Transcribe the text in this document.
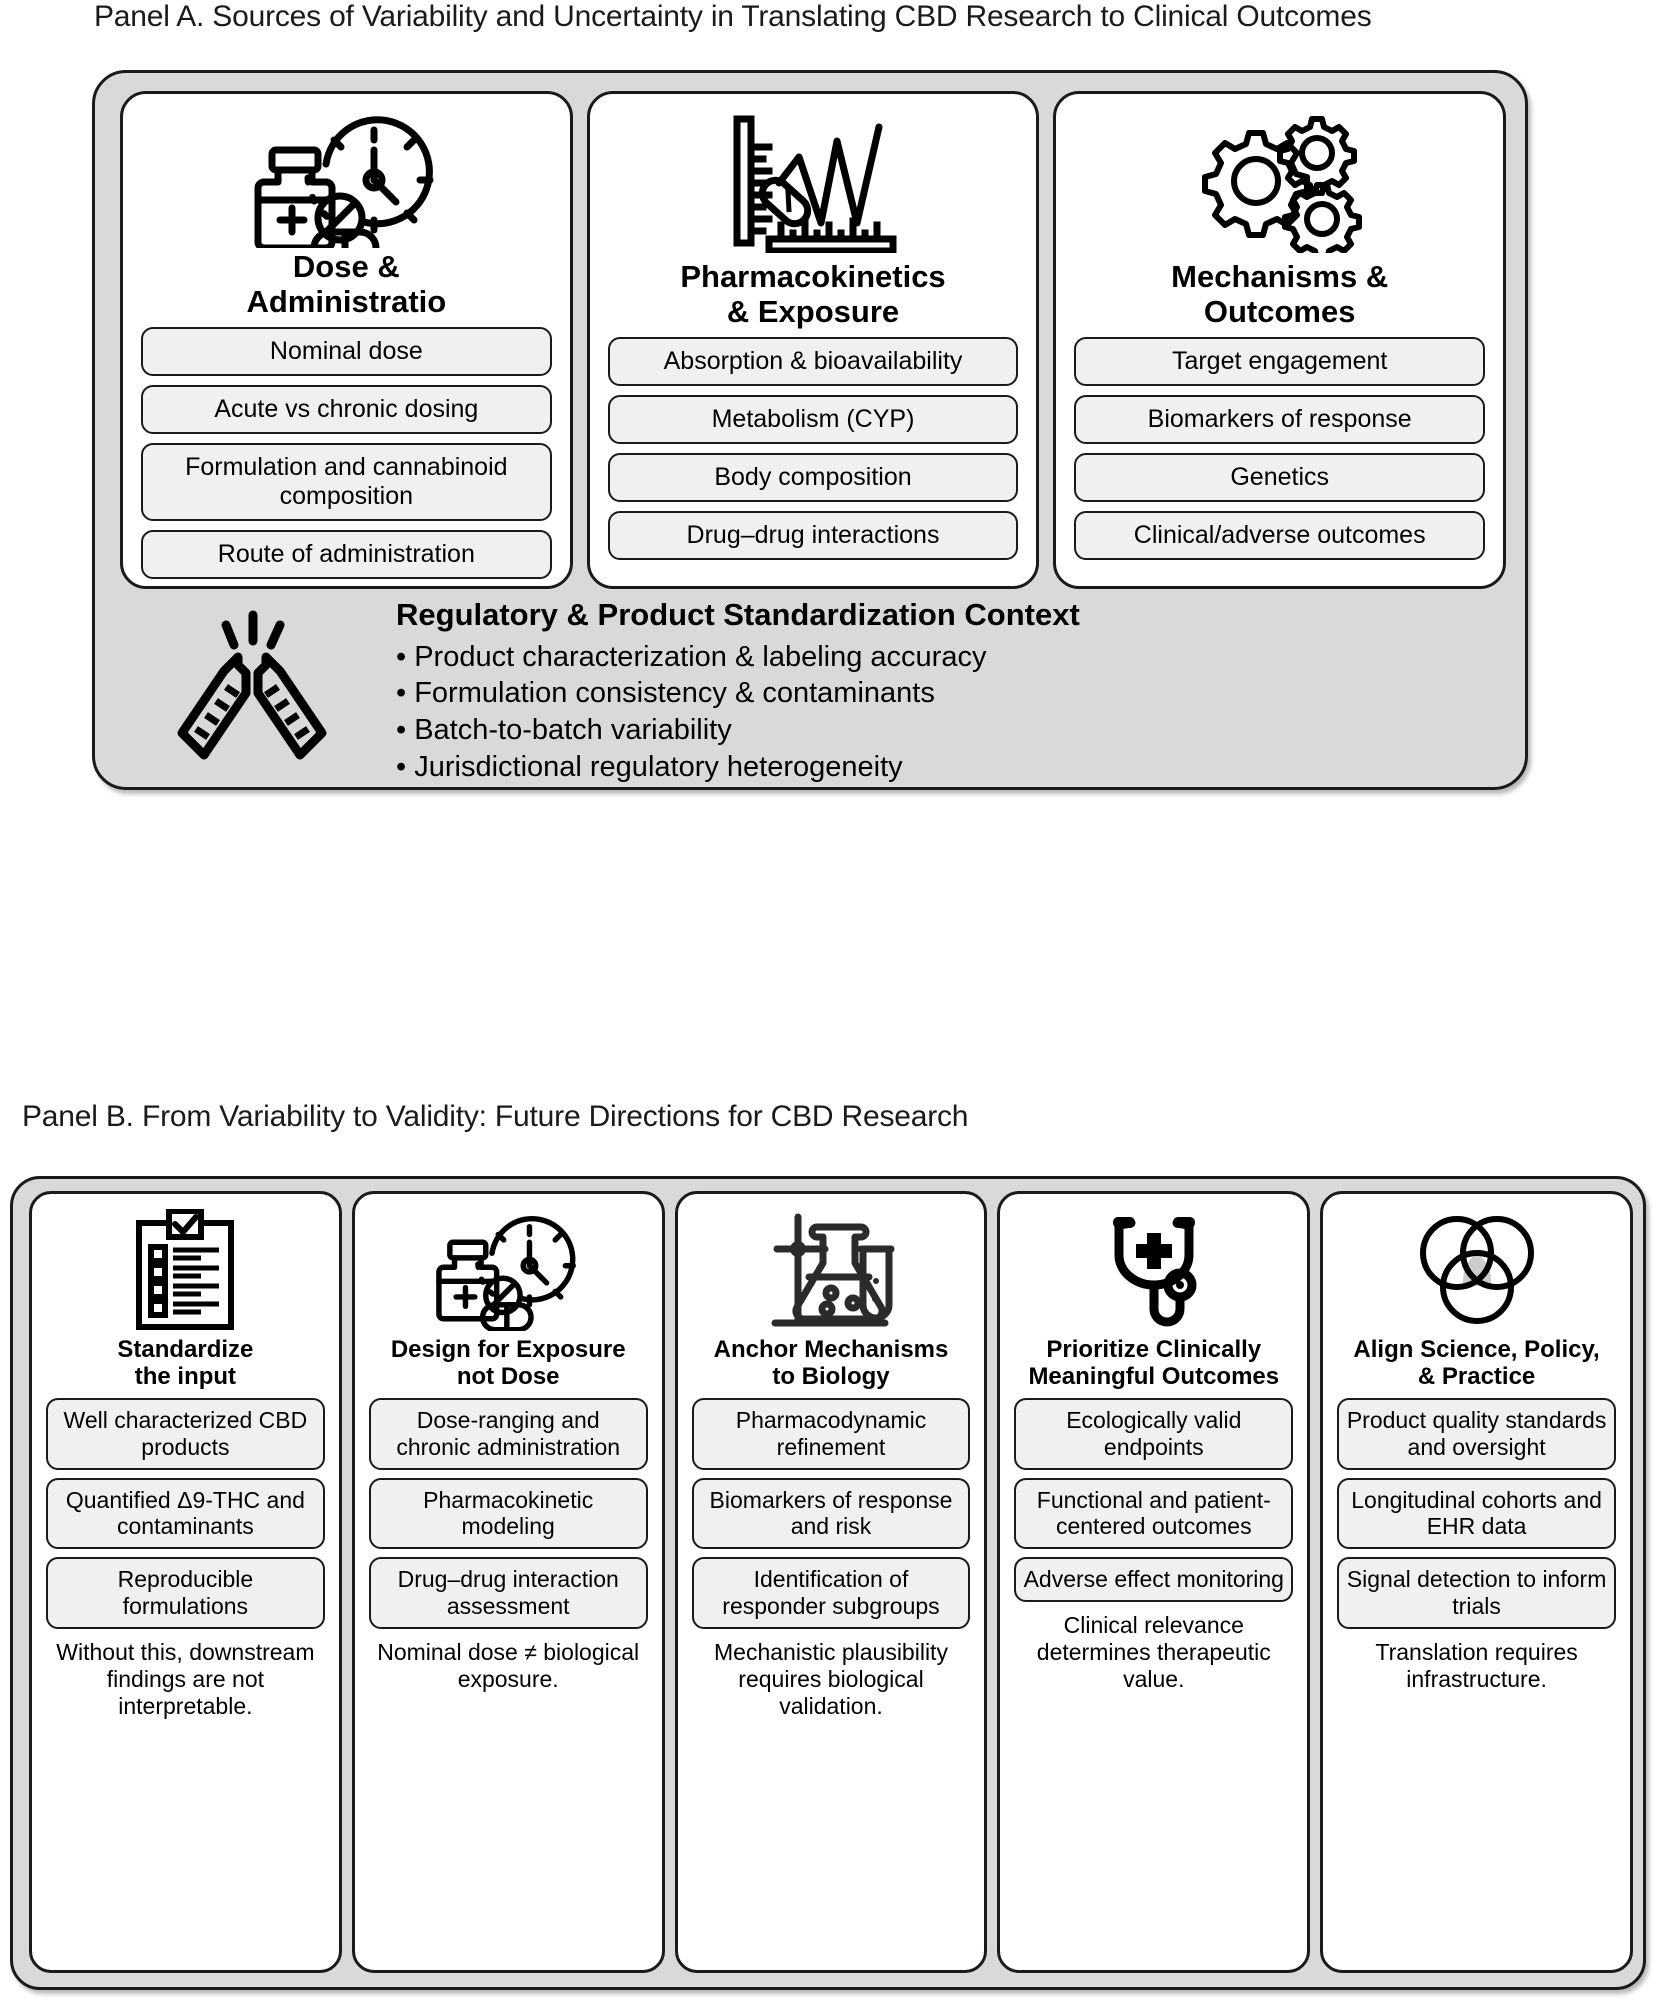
Panel A. Sources of Variability and Uncertainty in Translating CBD Research to Clinical Outcomes
Dose &
Administratio
Nominal dose
Acute vs chronic dosing
Formulation and cannabinoid composition
Route of administration
Pharmacokinetics
& Exposure
Absorption & bioavailability
Metabolism (CYP)
Body composition
Drug–drug interactions
Mechanisms &
Outcomes
Target engagement
Biomarkers of response
Genetics
Clinical/adverse outcomes
Regulatory & Product Standardization Context
• Product characterization & labeling accuracy
• Formulation consistency & contaminants
• Batch-to-batch variability
• Jurisdictional regulatory heterogeneity
Panel B. From Variability to Validity: Future Directions for CBD Research
Standardize
the input
Well characterized CBD products
Quantified Δ9-THC and contaminants
Reproducible formulations
Without this, downstream findings are not interpretable.
Design for Exposure
not Dose
Dose-ranging and chronic administration
Pharmacokinetic modeling
Drug–drug interaction assessment
Nominal dose ≠ biological exposure.
Anchor Mechanisms
to Biology
Pharmacodynamic refinement
Biomarkers of response and risk
Identification of responder subgroups
Mechanistic plausibility requires biological validation.
Prioritize Clinically
Meaningful Outcomes
Ecologically valid endpoints
Functional and patient-centered outcomes
Adverse effect monitoring
Clinical relevance determines therapeutic value.
Align Science, Policy,
& Practice
Product quality standards and oversight
Longitudinal cohorts and EHR data
Signal detection to inform trials
Translation requires infrastructure.
